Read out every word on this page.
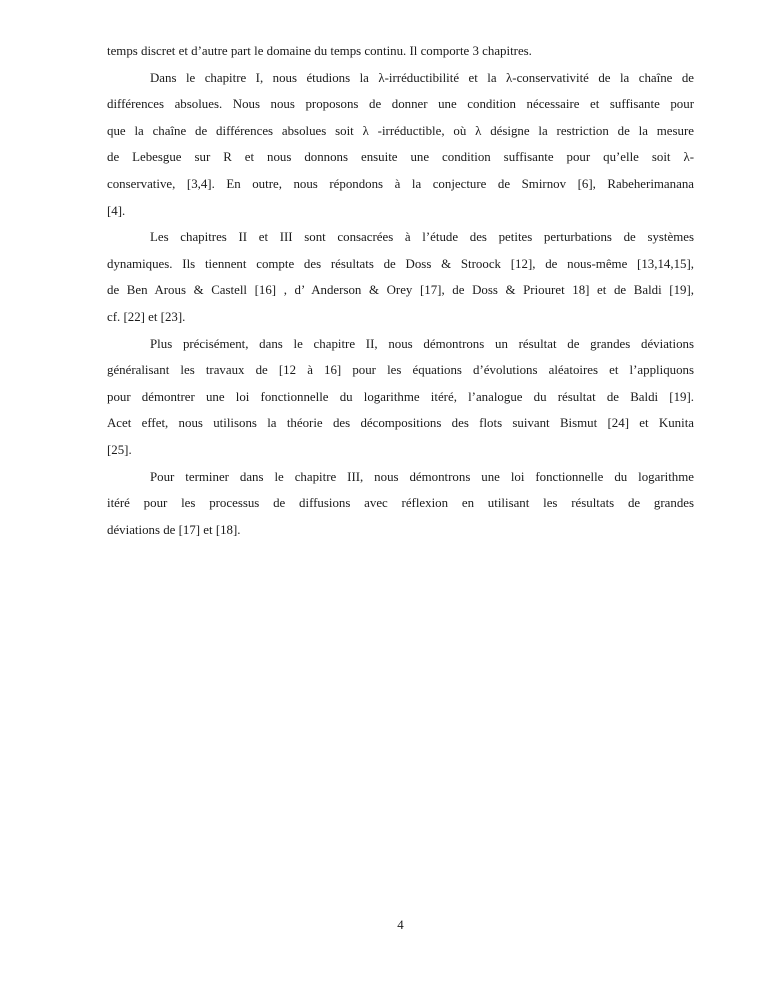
temps discret et d’autre part le domaine du temps continu. Il comporte 3 chapitres.
Dans le chapitre I, nous étudions la λ-irréductibilité et la λ-conservativité de la chaîne de
différences absolues. Nous nous proposons de donner une condition nécessaire et suffisante pour
que la chaîne de différences absolues soit λ -irréductible, où λ désigne la restriction de la mesure
de Lebesgue sur R et nous donnons ensuite une condition suffisante pour qu’elle soit λ-
conservative, [3,4]. En outre, nous répondons à la conjecture de Smirnov [6], Rabeherimanana
[4].
Les chapitres II et III sont consacrées à l’étude des petites perturbations de systèmes
dynamiques. Ils tiennent compte des résultats de Doss & Stroock [12], de nous-même [13,14,15],
de Ben Arous & Castell [16] , d’ Anderson & Orey [17], de Doss & Priouret 18] et de Baldi [19],
cf. [22] et [23].
Plus précisément, dans le chapitre II, nous démontrons un résultat de grandes déviations
généralisant les travaux de [12 à 16] pour les équations d’évolutions aléatoires et l’appliquons
pour démontrer une loi fonctionnelle du logarithme itéré, l’analogue du résultat de Baldi [19].
Acet effet, nous utilisons la théorie des décompositions des flots suivant Bismut [24] et Kunita
[25].
Pour terminer dans le chapitre III, nous démontrons une loi fonctionnelle du logarithme
itéré pour les processus de diffusions avec réflexion en utilisant les résultats de grandes
déviations de [17] et [18].
4
